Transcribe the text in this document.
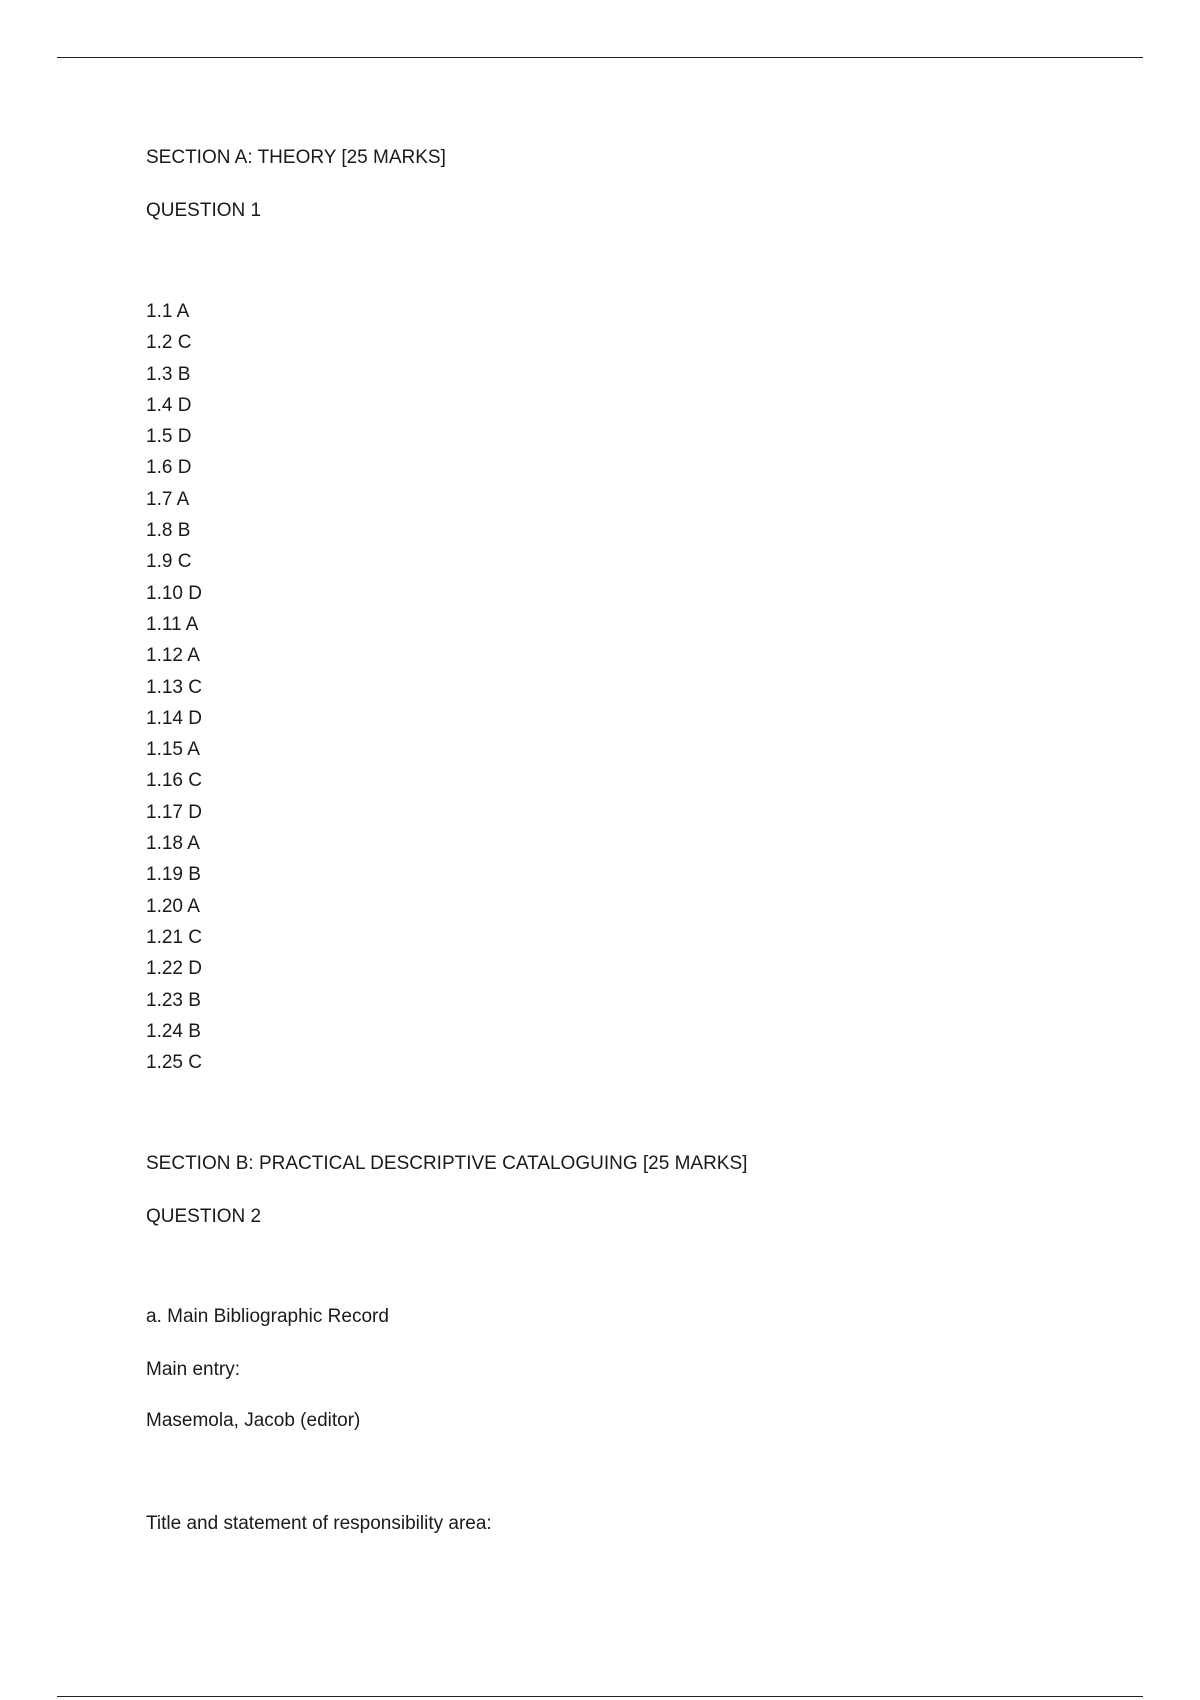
SECTION A: THEORY [25 MARKS]
QUESTION 1
1.1 A
1.2 C
1.3 B
1.4 D
1.5 D
1.6 D
1.7 A
1.8 B
1.9 C
1.10 D
1.11 A
1.12 A
1.13 C
1.14 D
1.15 A
1.16 C
1.17 D
1.18 A
1.19 B
1.20 A
1.21 C
1.22 D
1.23 B
1.24 B
1.25 C
SECTION B: PRACTICAL DESCRIPTIVE CATALOGUING [25 MARKS]
QUESTION 2
a. Main Bibliographic Record
Main entry:
Masemola, Jacob (editor)
Title and statement of responsibility area:
